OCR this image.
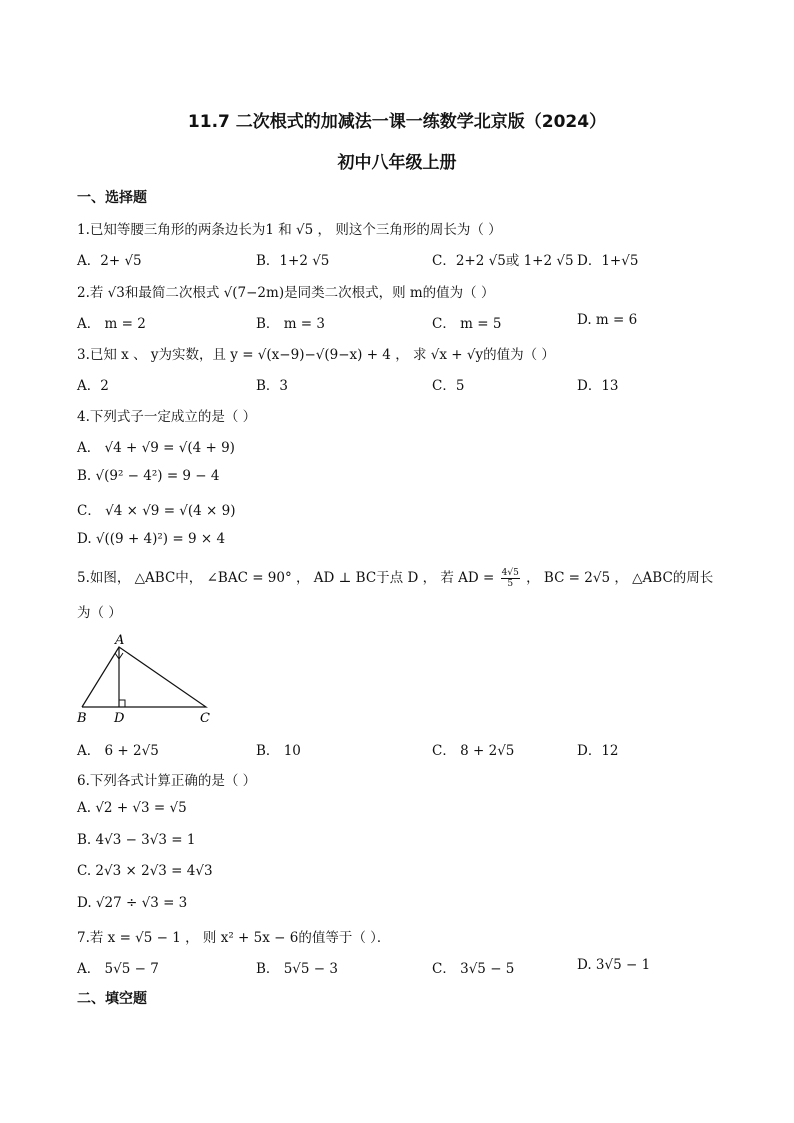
11.7 二次根式的加减法一课一练数学北京版（2024）
初中八年级上册
一、选择题
1.已知等腰三角形的两条边长为1 和 √5 ， 则这个三角形的周长为（ ）
A．2+ √5	B．1+2 √5	C．2+2 √5或 1+2 √5 D．1+√5
2.若 √3和最简二次根式 √(7−2m)是同类二次根式，则 m的值为（ ）
A． m = 2	B． m = 3	C． m = 5	D. m = 6
3.已知 x 、 y为实数，且 y = √(x−9)−√(9−x) + 4 ， 求 √x + √y的值为（ ）
A．2	B．3	C．5	D．13
4.下列式子一定成立的是（ ）
A． √4 + √9 = √(4 + 9)
B. √(9² − 4²) = 9 − 4
C． √4 × √9 = √(4 × 9)
D. √((9 + 4)²) = 9 × 4
5.如图， △ABC中， ∠BAC = 90° ， AD ⊥ BC于点 D ， 若 AD = $\frac{4√5}{5}$ ， BC = 2√5 ， △ABC的周长
为（ ）
A
B D	C
A． 6 + 2√5	B． 10	C． 8 + 2√5	D．12
6.下列各式计算正确的是（ ）
A. √2 + √3 = √5
B. 4√3 − 3√3 = 1
C. 2√3 × 2√3 = 4√3
D. √27 ÷ √3 = 3
7.若 x = √5 − 1 ， 则 x² + 5x − 6的值等于（ ）．
A． 5√5 − 7	B． 5√5 − 3	C． 3√5 − 5	D. 3√5 − 1
二、填空题
